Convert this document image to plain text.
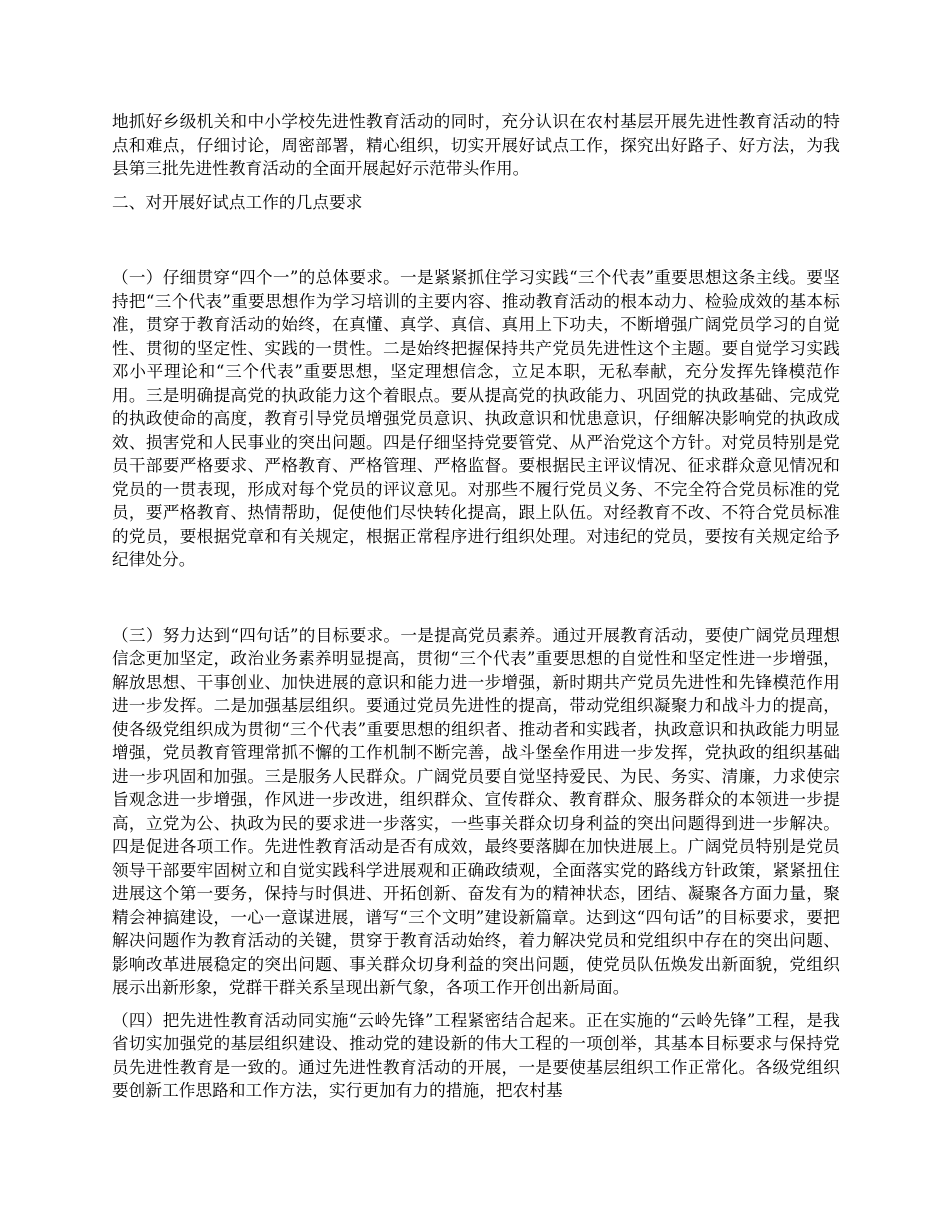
地抓好乡级机关和中小学校先进性教育活动的同时，充分认识在农村基层开展先进性教育活动的特点和难点，仔细讨论，周密部署，精心组织，切实开展好试点工作，探究出好路子、好方法，为我县第三批先进性教育活动的全面开展起好示范带头作用。

二、对开展好试点工作的几点要求

（一）仔细贯穿“四个一”的总体要求。一是紧紧抓住学习实践“三个代表”重要思想这条主线。要坚持把“三个代表”重要思想作为学习培训的主要内容、推动教育活动的根本动力、检验成效的基本标准，贯穿于教育活动的始终，在真懂、真学、真信、真用上下功夫，不断增强广阔党员学习的自觉性、贯彻的坚定性、实践的一贯性。二是始终把握保持共产党员先进性这个主题。要自觉学习实践邓小平理论和“三个代表”重要思想，坚定理想信念，立足本职，无私奉献，充分发挥先锋模范作用。三是明确提高党的执政能力这个着眼点。要从提高党的执政能力、巩固党的执政基础、完成党的执政使命的高度，教育引导党员增强党员意识、执政意识和忧患意识，仔细解决影响党的执政成效、损害党和人民事业的突出问题。四是仔细坚持党要管党、从严治党这个方针。对党员特别是党员干部要严格要求、严格教育、严格管理、严格监督。要根据民主评议情况、征求群众意见情况和党员的一贯表现，形成对每个党员的评议意见。对那些不履行党员义务、不完全符合党员标准的党员，要严格教育、热情帮助，促使他们尽快转化提高，跟上队伍。对经教育不改、不符合党员标准的党员，要根据党章和有关规定，根据正常程序进行组织处理。对违纪的党员，要按有关规定给予纪律处分。

（三）努力达到“四句话”的目标要求。一是提高党员素养。通过开展教育活动，要使广阔党员理想信念更加坚定，政治业务素养明显提高，贯彻“三个代表”重要思想的自觉性和坚定性进一步增强，解放思想、干事创业、加快进展的意识和能力进一步增强，新时期共产党员先进性和先锋模范作用进一步发挥。二是加强基层组织。要通过党员先进性的提高，带动党组织凝聚力和战斗力的提高，使各级党组织成为贯彻“三个代表”重要思想的组织者、推动者和实践者，执政意识和执政能力明显增强，党员教育管理常抓不懈的工作机制不断完善，战斗堡垒作用进一步发挥，党执政的组织基础进一步巩固和加强。三是服务人民群众。广阔党员要自觉坚持爱民、为民、务实、清廉，力求使宗旨观念进一步增强，作风进一步改进，组织群众、宣传群众、教育群众、服务群众的本领进一步提高，立党为公、执政为民的要求进一步落实，一些事关群众切身利益的突出问题得到进一步解决。四是促进各项工作。先进性教育活动是否有成效，最终要落脚在加快进展上。广阔党员特别是党员领导干部要牢固树立和自觉实践科学进展观和正确政绩观，全面落实党的路线方针政策，紧紧扭住进展这个第一要务，保持与时俱进、开拓创新、奋发有为的精神状态，团结、凝聚各方面力量，聚精会神搞建设，一心一意谋进展，谱写“三个文明”建设新篇章。达到这“四句话”的目标要求，要把解决问题作为教育活动的关键，贯穿于教育活动始终，着力解决党员和党组织中存在的突出问题、影响改革进展稳定的突出问题、事关群众切身利益的突出问题，使党员队伍焕发出新面貌，党组织展示出新形象，党群干群关系呈现出新气象，各项工作开创出新局面。

（四）把先进性教育活动同实施“云岭先锋”工程紧密结合起来。正在实施的“云岭先锋”工程，是我省切实加强党的基层组织建设、推动党的建设新的伟大工程的一项创举，其基本目标要求与保持党员先进性教育是一致的。通过先进性教育活动的开展，一是要使基层组织工作正常化。各级党组织要创新工作思路和工作方法，实行更加有力的措施，把农村基
